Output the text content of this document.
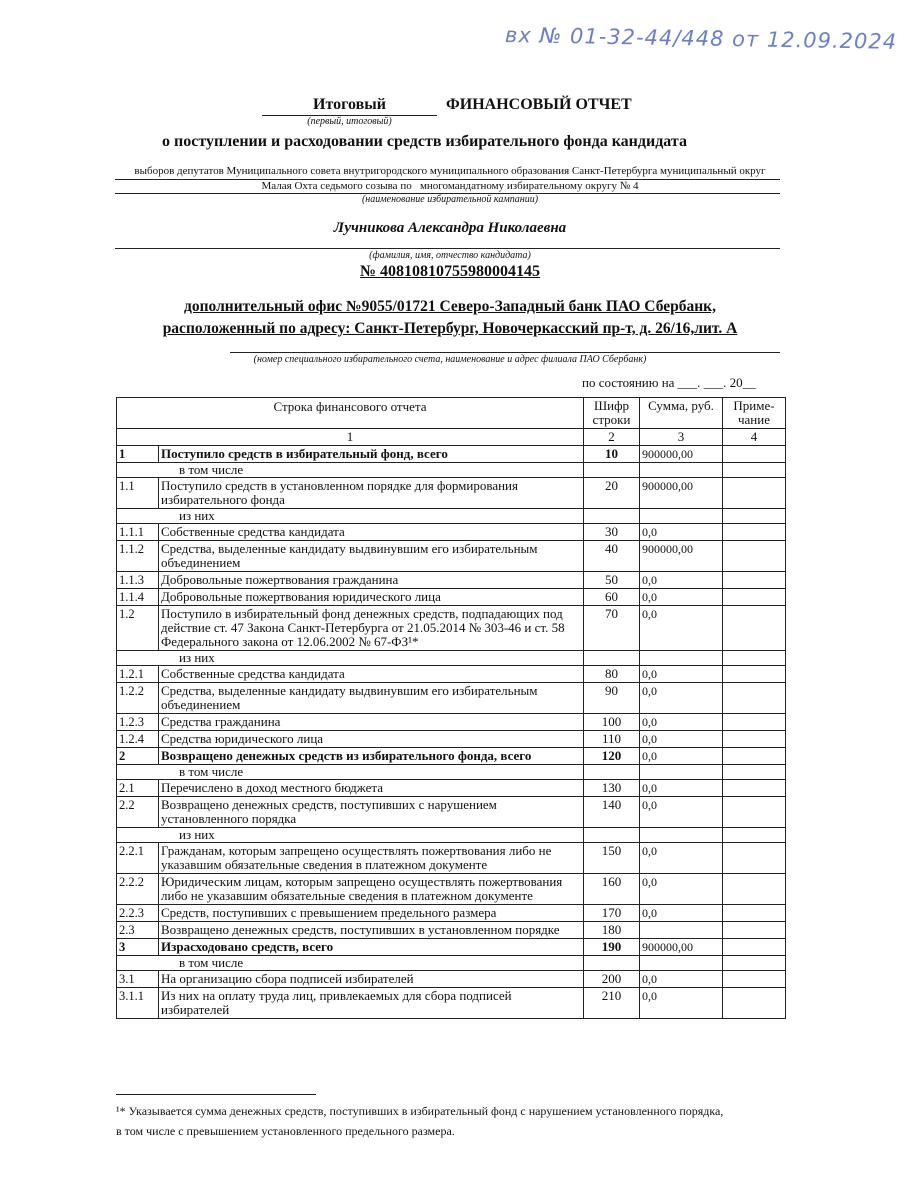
вх № 01-32-44/448 от 12.09.2024
Итоговый	ФИНАНСОВЫЙ ОТЧЕТ
(первый, итоговый)
о поступлении и расходовании средств избирательного фонда кандидата
выборов депутатов Муниципального совета внутригородского муниципального образования Санкт-Петербурга муниципальный округ
Малая Охта седьмого созыва по   многомандатному избирательному округу № 4
(наименование избирательной кампании)
Лучникова Александра Николаевна
(фамилия, имя, отчество кандидата)
№ 40810810755980004145
дополнительный офис №9055/01721 Северо-Западный банк ПАО Сбербанк,
расположенный по адресу: Санкт-Петербург, Новочеркасский пр-т, д. 26/16,лит. А
(номер специального избирательного счета, наименование и адрес филиала ПАО Сбербанк)
по состоянию на ___. ___. 20__
Строка финансового отчета		Шифр строки	Сумма, руб.	Приме- чание
1		2	3	4
1	Поступило средств в избирательный фонд, всего	10	900000,00	
в том числе				
1.1	Поступило средств в установленном порядке для формирования избирательного фонда	20	900000,00	
из них				
1.1.1	Собственные средства кандидата	30	0,0	
1.1.2	Средства, выделенные кандидату выдвинувшим его избирательным объединением	40	900000,00	
1.1.3	Добровольные пожертвования гражданина	50	0,0	
1.1.4	Добровольные пожертвования юридического лица	60	0,0	
1.2	Поступило в избирательный фонд денежных средств, подпадающих под действие ст. 47 Закона Санкт-Петербурга от 21.05.2014 № 303-46 и ст. 58 Федерального закона от 12.06.2002 № 67-ФЗ¹*	70	0,0	
из них				
1.2.1	Собственные средства кандидата	80	0,0	
1.2.2	Средства, выделенные кандидату выдвинувшим его избирательным объединением	90	0,0	
1.2.3	Средства гражданина	100	0,0	
1.2.4	Средства юридического лица	110	0,0	
2	Возвращено денежных средств из избирательного фонда, всего	120	0,0	
в том числе				
2.1	Перечислено в доход местного бюджета	130	0,0	
2.2	Возвращено денежных средств, поступивших с нарушением установленного порядка	140	0,0	
из них				
2.2.1	Гражданам, которым запрещено осуществлять пожертвования либо не указавшим обязательные сведения в платежном документе	150	0,0	
2.2.2	Юридическим лицам, которым запрещено осуществлять пожертвования либо не указавшим обязательные сведения в платежном документе	160	0,0	
2.2.3	Средств, поступивших с превышением предельного размера	170	0,0	
2.3	Возвращено денежных средств, поступивших в установленном порядке	180		
3	Израсходовано средств, всего	190	900000,00	
в том числе				
3.1	На организацию сбора подписей избирателей	200	0,0	
3.1.1	Из них на оплату труда лиц, привлекаемых для сбора подписей избирателей	210	0,0	
¹* Указывается сумма денежных средств, поступивших в избирательный фонд с нарушением установленного порядка,
в том числе с превышением установленного предельного размера.
